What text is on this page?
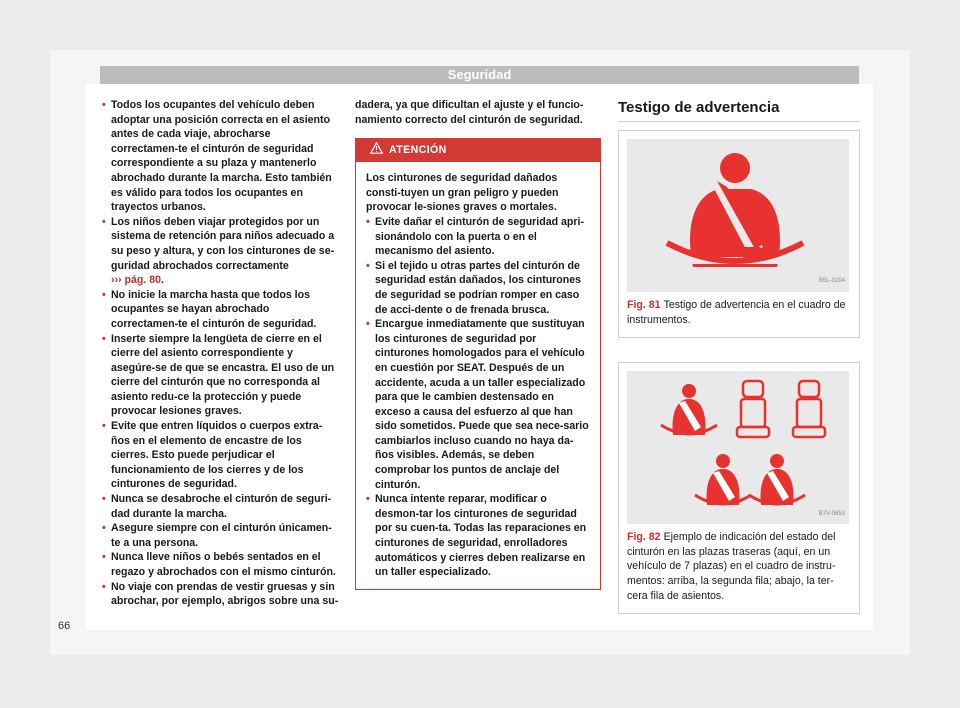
Seguridad
• Todos los ocupantes del vehículo deben adoptar una posición correcta en el asiento antes de cada viaje, abrocharse correctamen-te el cinturón de seguridad correspondiente a su plaza y mantenerlo abrochado durante la marcha. Esto también es válido para todos los ocupantes en trayectos urbanos.
• Los niños deben viajar protegidos por un sistema de retención para niños adecuado a su peso y altura, y con los cinturones de se-guridad abrochados correctamente
››› pág. 80.
• No inicie la marcha hasta que todos los ocupantes se hayan abrochado correctamen-te el cinturón de seguridad.
• Inserte siempre la lengüeta de cierre en el cierre del asiento correspondiente y asegúre-se de que se encastra. El uso de un cierre del cinturón que no corresponda al asiento redu-ce la protección y puede provocar lesiones graves.
• Evite que entren líquidos o cuerpos extra-ños en el elemento de encastre de los cierres. Esto puede perjudicar el funcionamiento de los cierres y de los cinturones de seguridad.
• Nunca se desabroche el cinturón de seguri-dad durante la marcha.
• Asegure siempre con el cinturón únicamen-te a una persona.
• Nunca lleve niños o bebés sentados en el regazo y abrochados con el mismo cinturón.
• No viaje con prendas de vestir gruesas y sin abrochar, por ejemplo, abrigos sobre una su-
dadera, ya que dificultan el ajuste y el funcio-namiento correcto del cinturón de seguridad.
ATENCIÓN

Los cinturones de seguridad dañados consti-tuyen un gran peligro y pueden provocar le-siones graves o mortales.

• Evite dañar el cinturón de seguridad apri-sionándolo con la puerta o en el mecanismo del asiento.
• Si el tejido u otras partes del cinturón de seguridad están dañados, los cinturones de seguridad se podrían romper en caso de acci-dente o de frenada brusca.
• Encargue inmediatamente que sustituyan los cinturones de seguridad por cinturones homologados para el vehículo en cuestión por SEAT. Después de un accidente, acuda a un taller especializado para que le cambien destensado en exceso a causa del esfuerzo al que han sido sometidos. Puede que sea nece-sario cambiarlos incluso cuando no haya da-ños visibles. Además, se deben comprobar los puntos de anclaje del cinturón.
• Nunca intente reparar, modificar o desmon-tar los cinturones de seguridad por su cuen-ta. Todas las reparaciones en cinturones de seguridad, enrolladores automáticos y cierres deben realizarse en un taller especializado.
Testigo de advertencia
B5L-0204
Fig. 81 Testigo de advertencia en el cuadro de instrumentos.
B7V-0653
Fig. 82 Ejemplo de indicación del estado del cinturón en las plazas traseras (aquí, en un vehículo de 7 plazas) en el cuadro de instru-mentos: arriba, la segunda fila; abajo, la ter-cera fila de asientos.
66
